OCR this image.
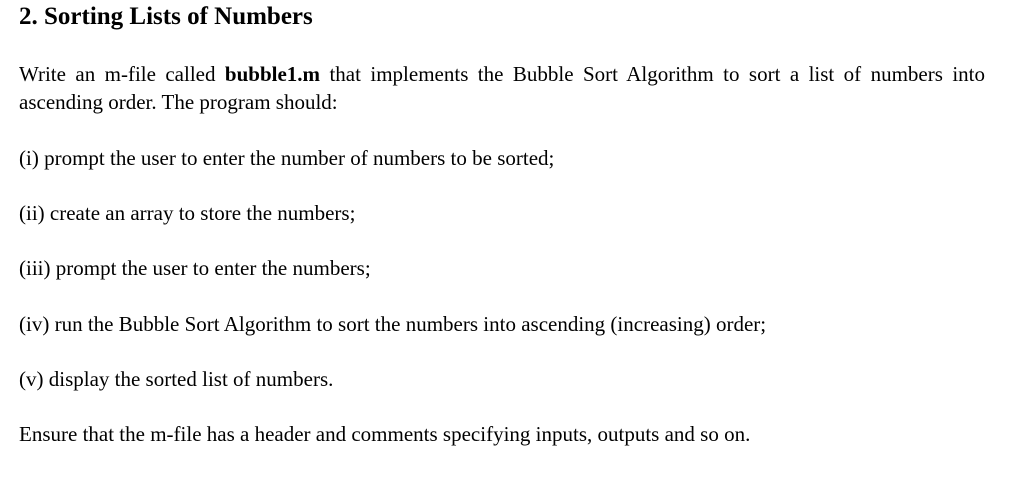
2. Sorting Lists of Numbers

Write an m-file called bubble1.m that implements the Bubble Sort Algorithm to sort a list of numbers into ascending order. The program should:

(i) prompt the user to enter the number of numbers to be sorted;

(ii) create an array to store the numbers;

(iii) prompt the user to enter the numbers;

(iv) run the Bubble Sort Algorithm to sort the numbers into ascending (increasing) order;

(v) display the sorted list of numbers.

Ensure that the m-file has a header and comments specifying inputs, outputs and so on.
